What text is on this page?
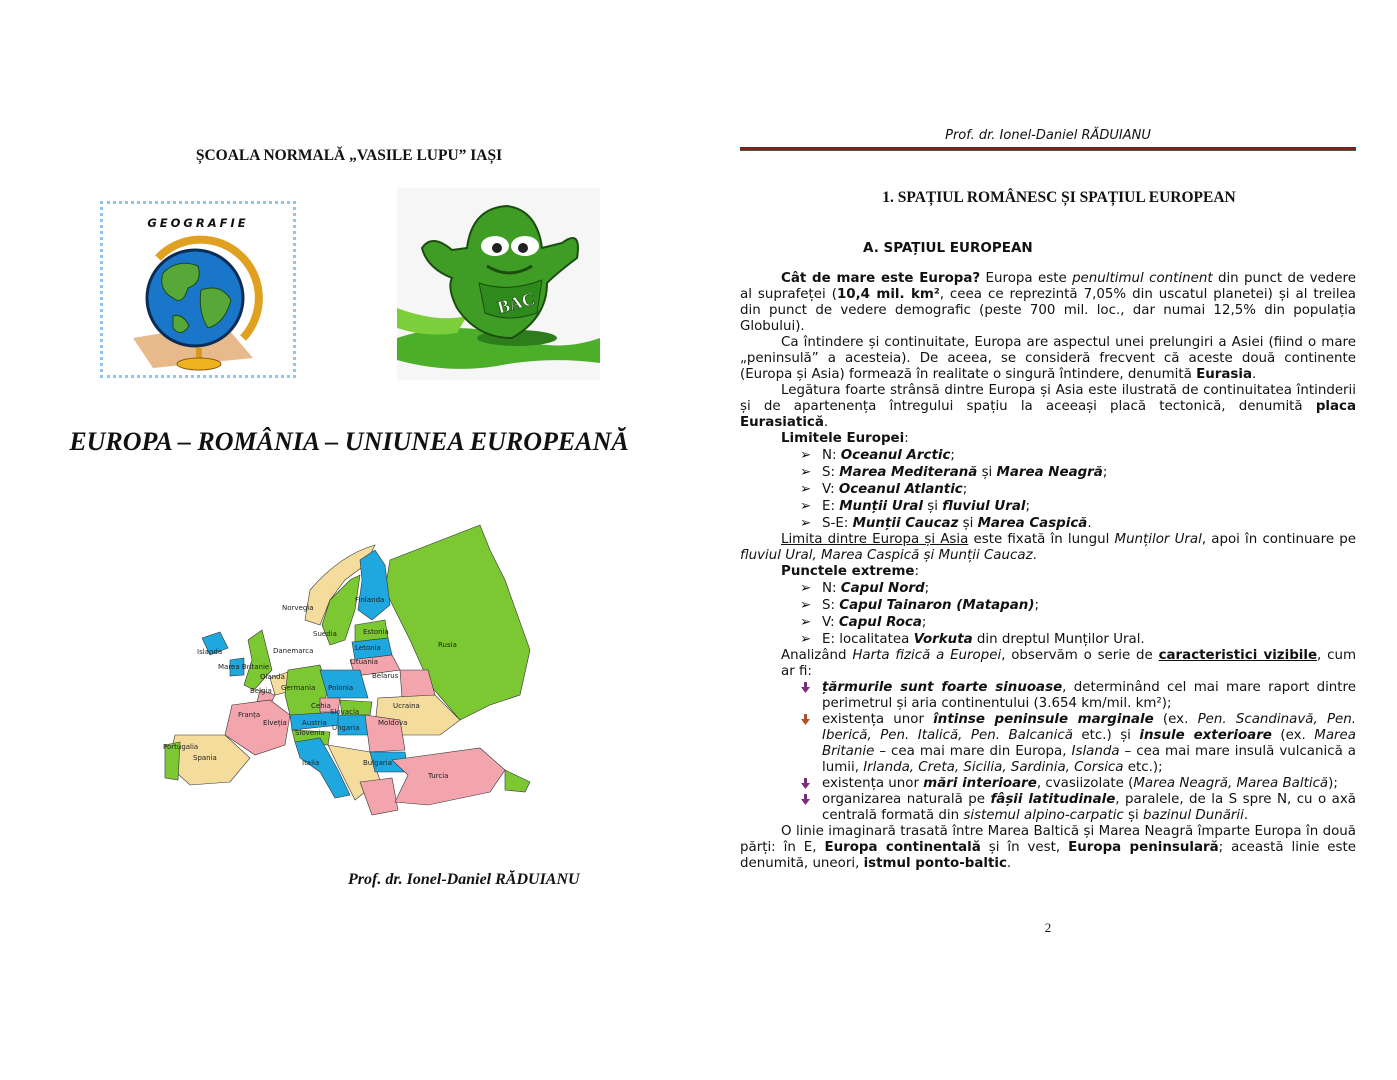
ȘCOALA NORMALĂ „VASILE LUPU” IAȘI
GEOGRAFIE
BAC
EUROPA – ROMÂNIA – UNIUNEA EUROPEANĂ
Norvegia
Finlanda
Suedia	Estonia
Rusia
Letonia
Islanda	Danemarca
Lituania
Marea Britanie
Olanda	Belarus
Belgia Germania Polonia
Cehia	Ucraina
Slovacia
Franța
Elveția Austria	Moldova
Ungaria
Slovenia
Portugalia
Spania
Italia	Bulgaria
Turcia
Prof. dr. Ionel-Daniel RĂDUIANU
Prof. dr. Ionel-Daniel RĂDUIANU
1. SPAȚIUL ROMÂNESC ȘI SPAȚIUL EUROPEAN
A. SPAȚIUL EUROPEAN

Cât de mare este Europa? Europa este penultimul continent din punct de vedere al suprafeței (10,4 mil. km², ceea ce reprezintă 7,05% din uscatul planetei) și al treilea din punct de vedere demografic (peste 700 mil. loc., dar numai 12,5% din populația Globului).

Ca întindere și continuitate, Europa are aspectul unei prelungiri a Asiei (fiind o mare „peninsulă” a acesteia). De aceea, se consideră frecvent că aceste două continente (Europa și Asia) formează în realitate o singură întindere, denumită Eurasia.

Legătura foarte strânsă dintre Europa și Asia este ilustrată de continuitatea întinderii și de apartenența întregului spațiu la aceeași placă tectonică, denumită placa Eurasiatică.

Limitele Europei:

➢ N: Oceanul Arctic;
➢ S: Marea Mediterană și Marea Neagră;
➢ V: Oceanul Atlantic;
➢ E: Munții Ural și fluviul Ural;
➢ S-E: Munții Caucaz și Marea Caspică.

Limita dintre Europa și Asia este fixată în lungul Munților Ural, apoi în continuare pe fluviul Ural, Marea Caspică și Munții Caucaz.

Punctele extreme:

➢ N: Capul Nord;
➢ S: Capul Tainaron (Matapan);
➢ V: Capul Roca;
➢ E: localitatea Vorkuta din dreptul Munților Ural.

Analizând Harta fizică a Europei, observăm o serie de caracteristici vizibile, cum ar fi:

țărmurile sunt foarte sinuoase, determinând cel mai mare raport dintre perimetrul și aria continentului (3.654 km/mil. km²);
existența unor întinse peninsule marginale (ex. Pen. Scandinavă, Pen. Iberică, Pen. Italică, Pen. Balcanică etc.) și insule exterioare (ex. Marea Britanie – cea mai mare din Europa, Islanda – cea mai mare insulă vulcanică a lumii, Irlanda, Creta, Sicilia, Sardinia, Corsica etc.);
existența unor mări interioare, cvasiizolate (Marea Neagră, Marea Baltică);
organizarea naturală pe fâșii latitudinale, paralele, de la S spre N, cu o axă centrală formată din sistemul alpino-carpatic și bazinul Dunării.

O linie imaginară trasată între Marea Baltică și Marea Neagră împarte Europa în două părți: în E, Europa continentală și în vest, Europa peninsulară; această linie este denumită, uneori, istmul ponto-baltic.

2
